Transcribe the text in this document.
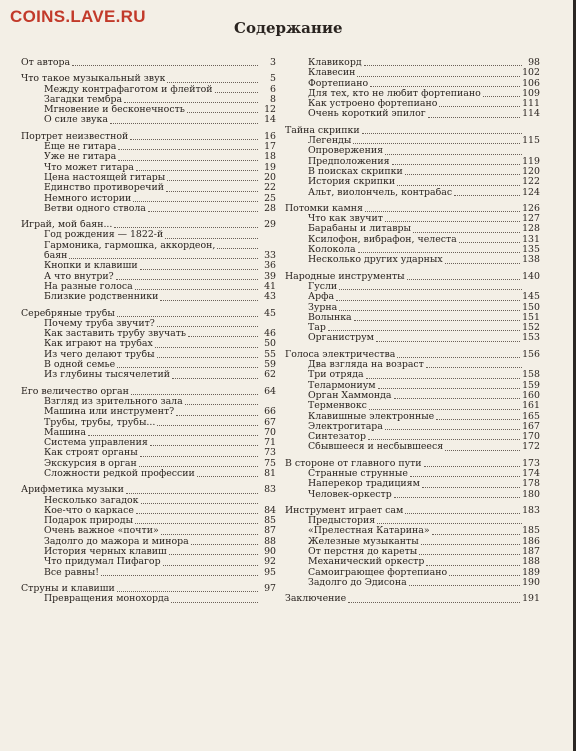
COINS.LAVE.RU
Содержание
От автора	3
Что такое музыкальный звук	5
Между контрафаготом и флейтой	6
Загадки тембра	8
Мгновение и бесконечность	12
О силе звука	14
Портрет неизвестной	16
Еще не гитара	17
Уже не гитара	18
Что может гитара	19
Цена настоящей гитары	20
Единство противоречий	22
Немного истории	25
Ветви одного ствола	28
Играй, мой баян...	29
Год рождения — 1822-й
Гармоника, гармошка, аккордеон,
баян	33
Кнопки и клавиши	36
А что внутри?	39
На разные голоса	41
Близкие родственники	43
Серебряные трубы	45
Почему труба звучит?
Как заставить трубу звучать	46
Как играют на трубах	50
Из чего делают трубы	55
В одной семье	59
Из глубины тысячелетий	62
Его величество орган	64
Взгляд из зрительного зала
Машина или инструмент?	66
Трубы, трубы, трубы...	67
Машина	70
Система управления	71
Как строят органы	73
Экскурсия в орган	75
Сложности редкой профессии	81
Арифметика музыки	83
Несколько загадок
Кое-что о каркасе	84
Подарок природы	85
Очень важное «почти»	87
Задолго до мажора и минора	88
История черных клавиш	90
Что придумал Пифагор	92
Все равны!	95
Струны и клавиши	97
Превращения монохорда
Клавикорд	98
Клавесин	102
Фортепиано	106
Для тех, кто не любит фортепиано	109
Как устроено фортепиано	111
Очень короткий эпилог	114
Тайна скрипки
Легенды	115
Опровержения
Предположения	119
В поисках скрипки	120
История скрипки	122
Альт, виолончель, контрабас	124
Потомки камня	126
Что как звучит	127
Барабаны и литавры	128
Ксилофон, вибрафон, челеста	131
Колокола	135
Несколько других ударных	138
Народные инструменты	140
Гусли
Арфа	145
Зурна	150
Волынка	151
Тар	152
Органиструм	153
Голоса электричества	156
Два взгляда на возраст
Три отряда	158
Телармониум	159
Орган Хаммонда	160
Терменвокс	161
Клавишные электронные	165
Электрогитара	167
Синтезатор	170
Сбывшееся и несбывшееся	172
В стороне от главного пути	173
Странные струнные	174
Наперекор традициям	178
Человек-оркестр	180
Инструмент играет сам	183
Предыстория
«Прелестная Катарина»	185
Железные музыканты	186
От перстня до кареты	187
Механический оркестр	188
Самоиграющее фортепиано	189
Задолго до Эдисона	190
Заключение	191
